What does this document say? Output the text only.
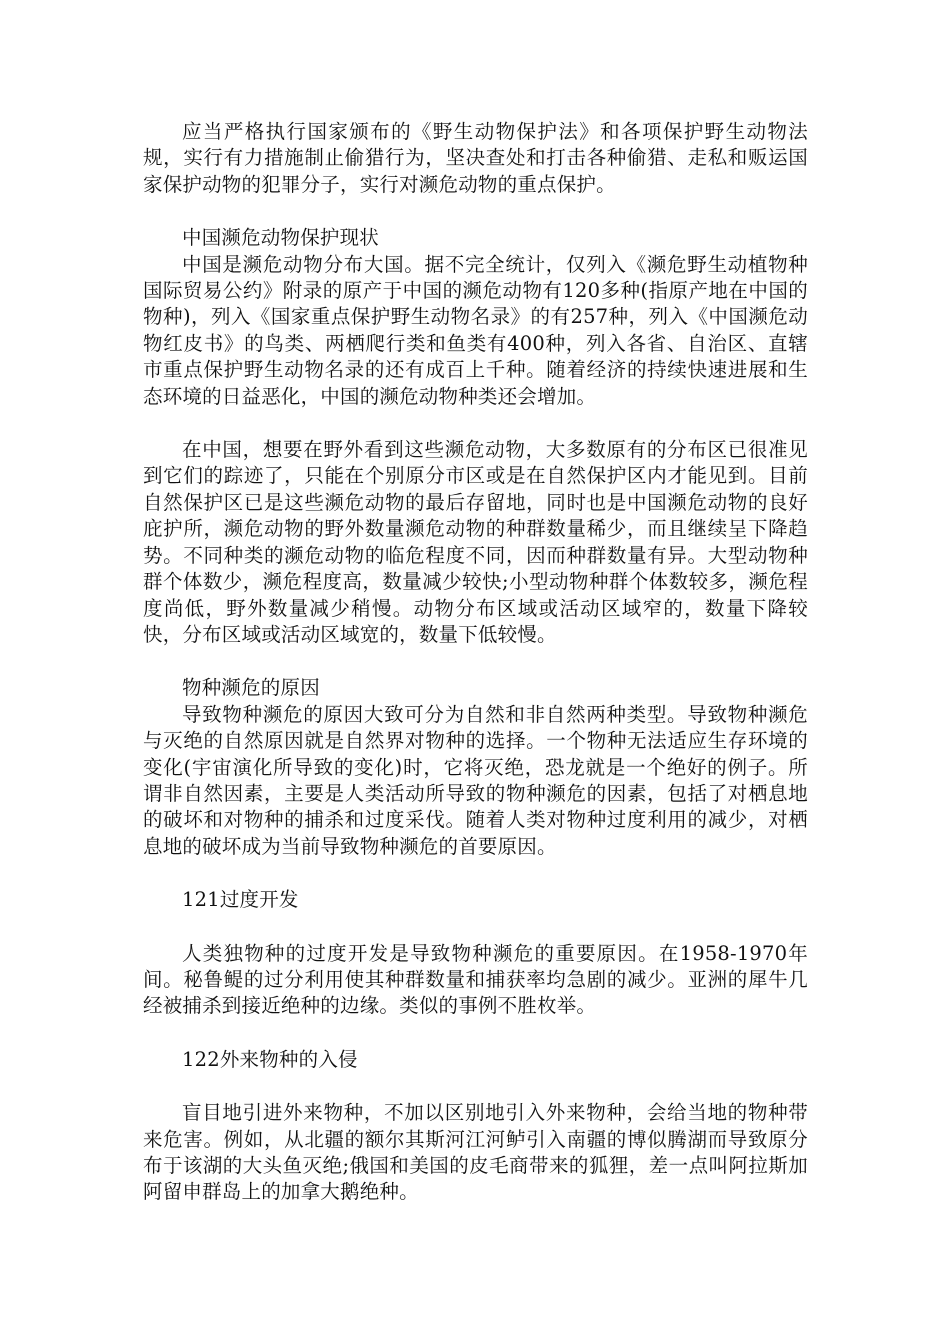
应当严格执行国家颁布的《野生动物保护法》和各项保护野生动物法规，实行有力措施制止偷猎行为，坚决查处和打击各种偷猎、走私和贩运国家保护动物的犯罪分子，实行对濒危动物的重点保护。

中国濒危动物保护现状

中国是濒危动物分布大国。据不完全统计，仅列入《濒危野生动植物种国际贸易公约》附录的原产于中国的濒危动物有120多种(指原产地在中国的物种)，列入《国家重点保护野生动物名录》的有257种，列入《中国濒危动物红皮书》的鸟类、两栖爬行类和鱼类有400种，列入各省、自治区、直辖市重点保护野生动物名录的还有成百上千种。随着经济的持续快速进展和生态环境的日益恶化，中国的濒危动物种类还会增加。

在中国，想要在野外看到这些濒危动物，大多数原有的分布区已很准见到它们的踪迹了，只能在个别原分市区或是在自然保护区内才能见到。目前自然保护区已是这些濒危动物的最后存留地，同时也是中国濒危动物的良好庇护所，濒危动物的野外数量濒危动物的种群数量稀少，而且继续呈下降趋势。不同种类的濒危动物的临危程度不同，因而种群数量有异。大型动物种群个体数少，濒危程度高，数量减少较快;小型动物种群个体数较多，濒危程度尚低，野外数量减少稍慢。动物分布区域或活动区域窄的，数量下降较快，分布区域或活动区域宽的，数量下低较慢。

物种濒危的原因

导致物种濒危的原因大致可分为自然和非自然两种类型。导致物种濒危与灭绝的自然原因就是自然界对物种的选择。一个物种无法适应生存环境的变化(宇宙演化所导致的变化)时，它将灭绝，恐龙就是一个绝好的例子。所谓非自然因素，主要是人类活动所导致的物种濒危的因素，包括了对栖息地的破坏和对物种的捕杀和过度采伐。随着人类对物种过度利用的减少，对栖息地的破坏成为当前导致物种濒危的首要原因。

121过度开发

人类独物种的过度开发是导致物种濒危的重要原因。在1958-1970年间。秘鲁鳀的过分利用使其种群数量和捕获率均急剧的减少。亚洲的犀牛几经被捕杀到接近绝种的边缘。类似的事例不胜枚举。

122外来物种的入侵

盲目地引进外来物种，不加以区别地引入外来物种，会给当地的物种带来危害。例如，从北疆的额尔其斯河江河鲈引入南疆的博似腾湖而导致原分布于该湖的大头鱼灭绝;俄国和美国的皮毛商带来的狐狸，差一点叫阿拉斯加阿留申群岛上的加拿大鹅绝种。
